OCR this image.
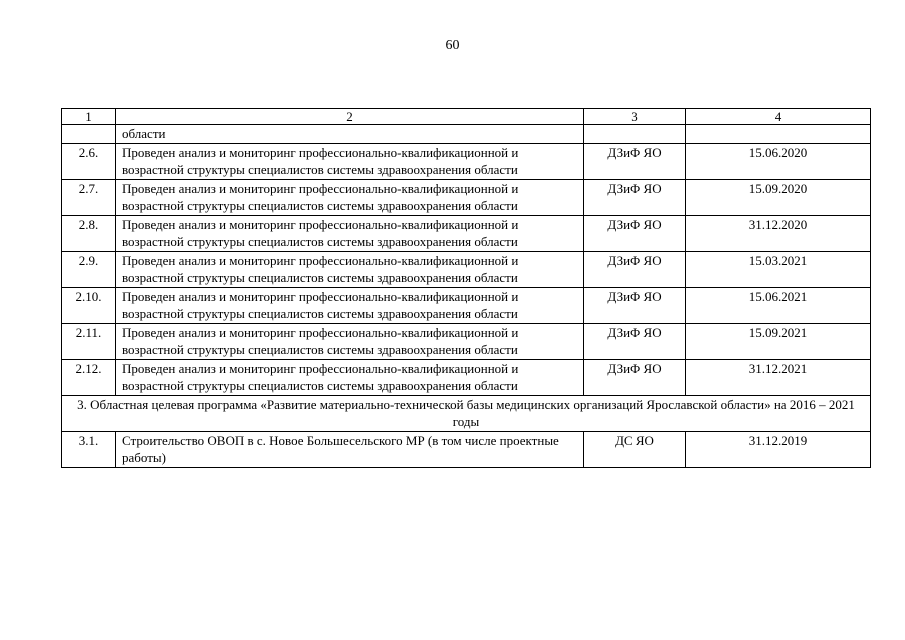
60
1	2	3	4
	области		
2.6.	Проведен анализ и мониторинг профессионально-квалификационной и возрастной структуры специалистов системы здравоохранения области	ДЗиФ ЯО	15.06.2020
2.7.	Проведен анализ и мониторинг профессионально-квалификационной и возрастной структуры специалистов системы здравоохранения области	ДЗиФ ЯО	15.09.2020
2.8.	Проведен анализ и мониторинг профессионально-квалификационной и возрастной структуры специалистов системы здравоохранения области	ДЗиФ ЯО	31.12.2020
2.9.	Проведен анализ и мониторинг профессионально-квалификационной и возрастной структуры специалистов системы здравоохранения области	ДЗиФ ЯО	15.03.2021
2.10.	Проведен анализ и мониторинг профессионально-квалификационной и возрастной структуры специалистов системы здравоохранения области	ДЗиФ ЯО	15.06.2021
2.11.	Проведен анализ и мониторинг профессионально-квалификационной и возрастной структуры специалистов системы здравоохранения области	ДЗиФ ЯО	15.09.2021
2.12.	Проведен анализ и мониторинг профессионально-квалификационной и возрастной структуры специалистов системы здравоохранения области	ДЗиФ ЯО	31.12.2021
3. Областная целевая программа «Развитие материально-технической базы медицинских организаций Ярославской области» на 2016 – 2021 годы			
3.1.	Строительство ОВОП в с. Новое Большесельского МР (в том числе проектные работы)	ДС ЯО	31.12.2019
